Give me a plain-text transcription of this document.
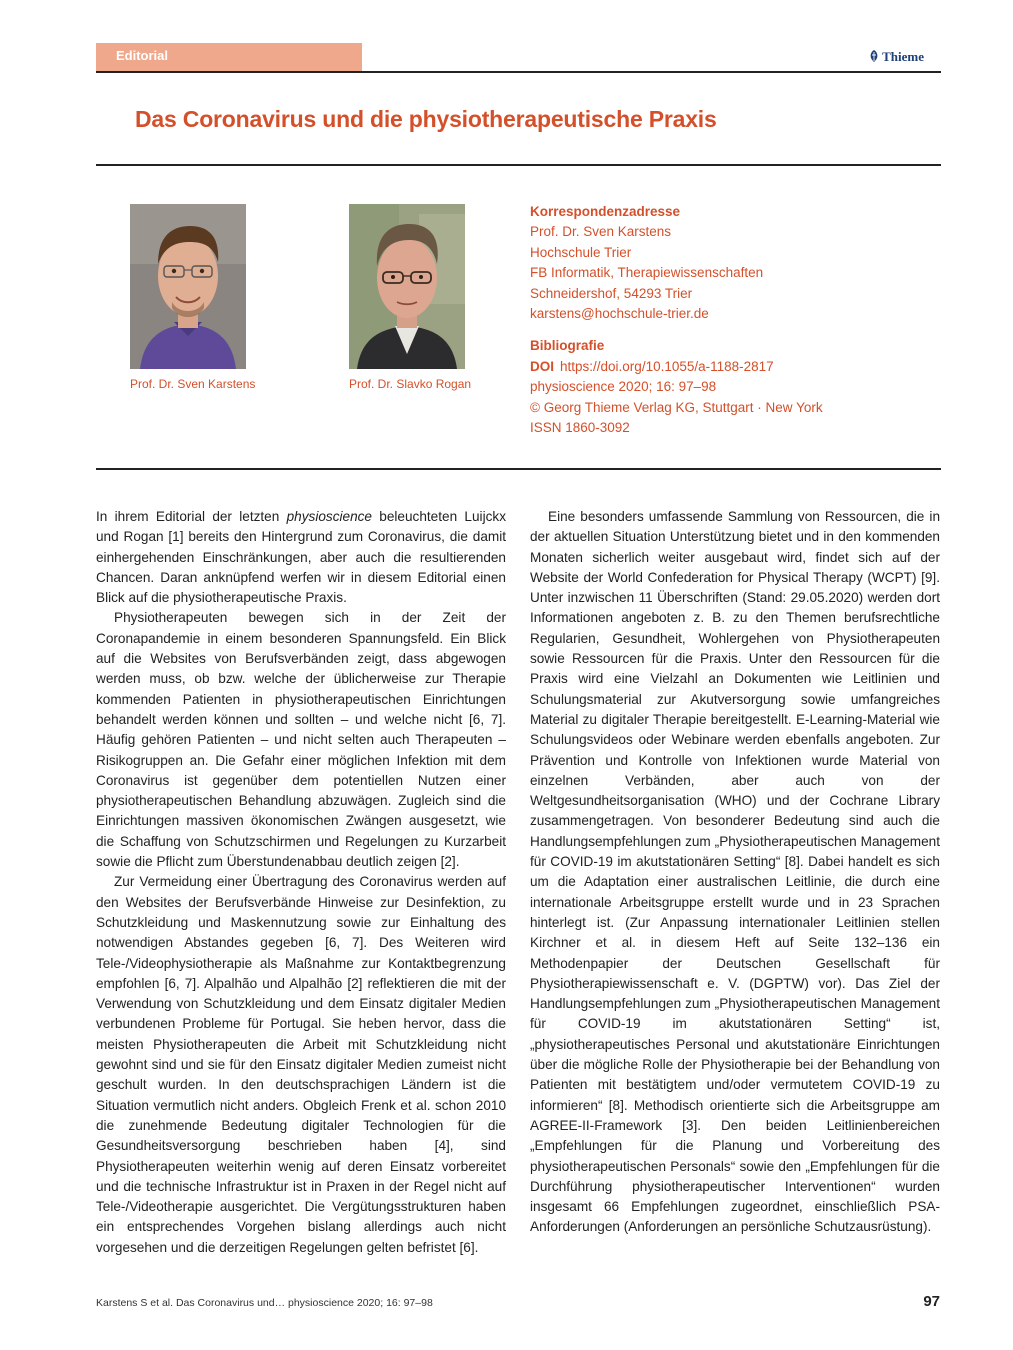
Editorial	Thieme
Das Coronavirus und die physiotherapeutische Praxis
Prof. Dr. Sven Karstens	Prof. Dr. Slavko Rogan
Korrespondenzadresse
Prof. Dr. Sven Karstens
Hochschule Trier
FB Informatik, Therapiewissenschaften
Schneidershof, 54293 Trier
karstens@hochschule-trier.de
Bibliografie
DOI https://doi.org/10.1055/a-1188-2817
physioscience 2020; 16: 97–98
© Georg Thieme Verlag KG, Stuttgart · New York
ISSN 1860-3092

In ihrem Editorial der letzten physioscience beleuchteten Luijckx und Rogan [1] bereits den Hintergrund zum Coronavirus, die damit einhergehenden Einschränkungen, aber auch die resultierenden Chancen. Daran anknüpfend werfen wir in diesem Editorial einen Blick auf die physiotherapeutische Praxis.

Physiotherapeuten bewegen sich in der Zeit der Coronapandemie in einem besonderen Spannungsfeld. Ein Blick auf die Websites von Berufsverbänden zeigt, dass abgewogen werden muss, ob bzw. welche der üblicherweise zur Therapie kommenden Patienten in physiotherapeutischen Einrichtungen behandelt werden können und sollten – und welche nicht [6, 7]. Häufig gehören Patienten – und nicht selten auch Therapeuten – Risikogruppen an. Die Gefahr einer möglichen Infektion mit dem Coronavirus ist gegenüber dem potentiellen Nutzen einer physiotherapeutischen Behandlung abzuwägen. Zugleich sind die Einrichtungen massiven ökonomischen Zwängen ausgesetzt, wie die Schaffung von Schutzschirmen und Regelungen zu Kurzarbeit sowie die Pflicht zum Überstundenabbau deutlich zeigen [2].

Zur Vermeidung einer Übertragung des Coronavirus werden auf den Websites der Berufsverbände Hinweise zur Desinfektion, zu Schutzkleidung und Maskennutzung sowie zur Einhaltung des notwendigen Abstandes gegeben [6, 7]. Des Weiteren wird Tele-/Videophysiotherapie als Maßnahme zur Kontaktbegrenzung empfohlen [6, 7]. Alpalhão und Alpalhão [2] reflektieren die mit der Verwendung von Schutzkleidung und dem Einsatz digitaler Medien verbundenen Probleme für Portugal. Sie heben hervor, dass die meisten Physiotherapeuten die Arbeit mit Schutzkleidung nicht gewohnt sind und sie für den Einsatz digitaler Medien zumeist nicht geschult wurden. In den deutschsprachigen Ländern ist die Situation vermutlich nicht anders. Obgleich Frenk et al. schon 2010 die zunehmende Bedeutung digitaler Technologien für die Gesundheitsversorgung beschrieben haben [4], sind Physiotherapeuten weiterhin wenig auf deren Einsatz vorbereitet und die technische Infrastruktur ist in Praxen in der Regel nicht auf Tele-/Videotherapie ausgerichtet. Die Vergütungsstrukturen haben ein entsprechendes Vorgehen bislang allerdings auch nicht vorgesehen und die derzeitigen Regelungen gelten befristet [6].

Eine besonders umfassende Sammlung von Ressourcen, die in der aktuellen Situation Unterstützung bietet und in den kommenden Monaten sicherlich weiter ausgebaut wird, findet sich auf der Website der World Confederation for Physical Therapy (WCPT) [9]. Unter inzwischen 11 Überschriften (Stand: 29.05.2020) werden dort Informationen angeboten z. B. zu den Themen berufsrechtliche Regularien, Gesundheit, Wohlergehen von Physiotherapeuten sowie Ressourcen für die Praxis. Unter den Ressourcen für die Praxis wird eine Vielzahl an Dokumenten wie Leitlinien und Schulungsmaterial zur Akutversorgung sowie umfangreiches Material zu digitaler Therapie bereitgestellt. E-Learning-Material wie Schulungsvideos oder Webinare werden ebenfalls angeboten. Zur Prävention und Kontrolle von Infektionen wurde Material von einzelnen Verbänden, aber auch von der Weltgesundheitsorganisation (WHO) und der Cochrane Library zusammengetragen. Von besonderer Bedeutung sind auch die Handlungsempfehlungen zum „Physiotherapeutischen Management für COVID-19 im akutstationären Setting“ [8]. Dabei handelt es sich um die Adaptation einer australischen Leitlinie, die durch eine internationale Arbeitsgruppe erstellt wurde und in 23 Sprachen hinterlegt ist. (Zur Anpassung internationaler Leitlinien stellen Kirchner et al. in diesem Heft auf Seite 132–136 ein Methodenpapier der Deutschen Gesellschaft für Physiotherapiewissenschaft e. V. (DGPTW) vor). Das Ziel der Handlungsempfehlungen zum „Physiotherapeutischen Management für COVID-19 im akutstationären Setting“ ist, „physiotherapeutisches Personal und akutstationäre Einrichtungen über die mögliche Rolle der Physiotherapie bei der Behandlung von Patienten mit bestätigtem und/oder vermutetem COVID-19 zu informieren“ [8]. Methodisch orientierte sich die Arbeitsgruppe am AGREE-II-Framework [3]. Den beiden Leitlinienbereichen „Empfehlungen für die Planung und Vorbereitung des physiotherapeutischen Personals“ sowie den „Empfehlungen für die Durchführung physiotherapeutischer Interventionen“ wurden insgesamt 66 Empfehlungen zugeordnet, einschließlich PSA-Anforderungen (Anforderungen an persönliche Schutzausrüstung).

Karstens S et al. Das Coronavirus und… physioscience 2020; 16: 97–98	97
